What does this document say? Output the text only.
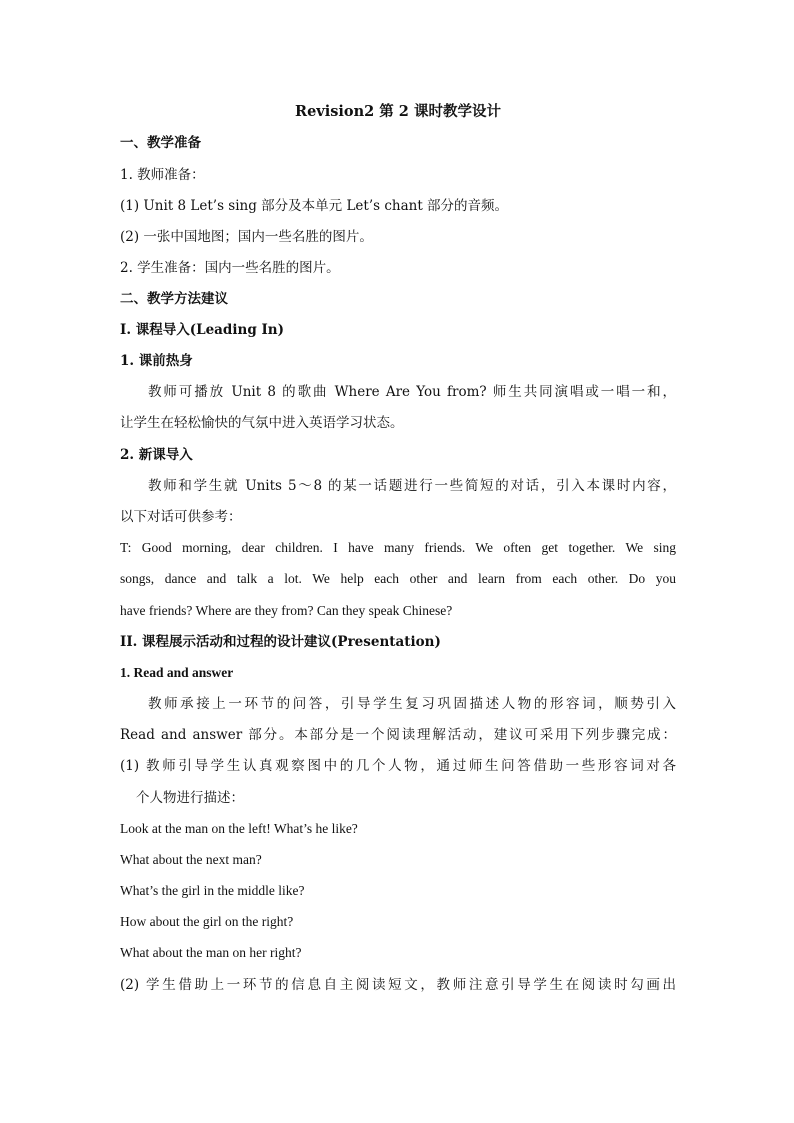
Revision2 第 2 课时教学设计
一、教学准备
1. 教师准备：
(1) Unit 8 Let’s sing 部分及本单元 Let’s chant 部分的音频。
(2) 一张中国地图；国内一些名胜的图片。
2. 学生准备：国内一些名胜的图片。
二、教学方法建议
I. 课程导入(Leading In)
1. 课前热身
教师可播放 Unit 8 的歌曲 Where Are You from? 师生共同演唱或一唱一和，
让学生在轻松愉快的气氛中进入英语学习状态。
2. 新课导入
教师和学生就 Units 5～8 的某一话题进行一些简短的对话，引入本课时内容，
以下对话可供参考：
T: Good morning, dear children. I have many friends. We often get together. We sing
songs, dance and talk a lot. We help each other and learn from each other. Do you
have friends? Where are they from? Can they speak Chinese?
II. 课程展示活动和过程的设计建议(Presentation)
1. Read and answer
教师承接上一环节的问答，引导学生复习巩固描述人物的形容词，顺势引入
Read and answer 部分。本部分是一个阅读理解活动，建议可采用下列步骤完成：
(1) 教师引导学生认真观察图中的几个人物，通过师生问答借助一些形容词对各
个人物进行描述：
Look at the man on the left! What’s he like?
What about the next man?
What’s the girl in the middle like?
How about the girl on the right?
What about the man on her right?
(2) 学生借助上一环节的信息自主阅读短文，教师注意引导学生在阅读时勾画出
